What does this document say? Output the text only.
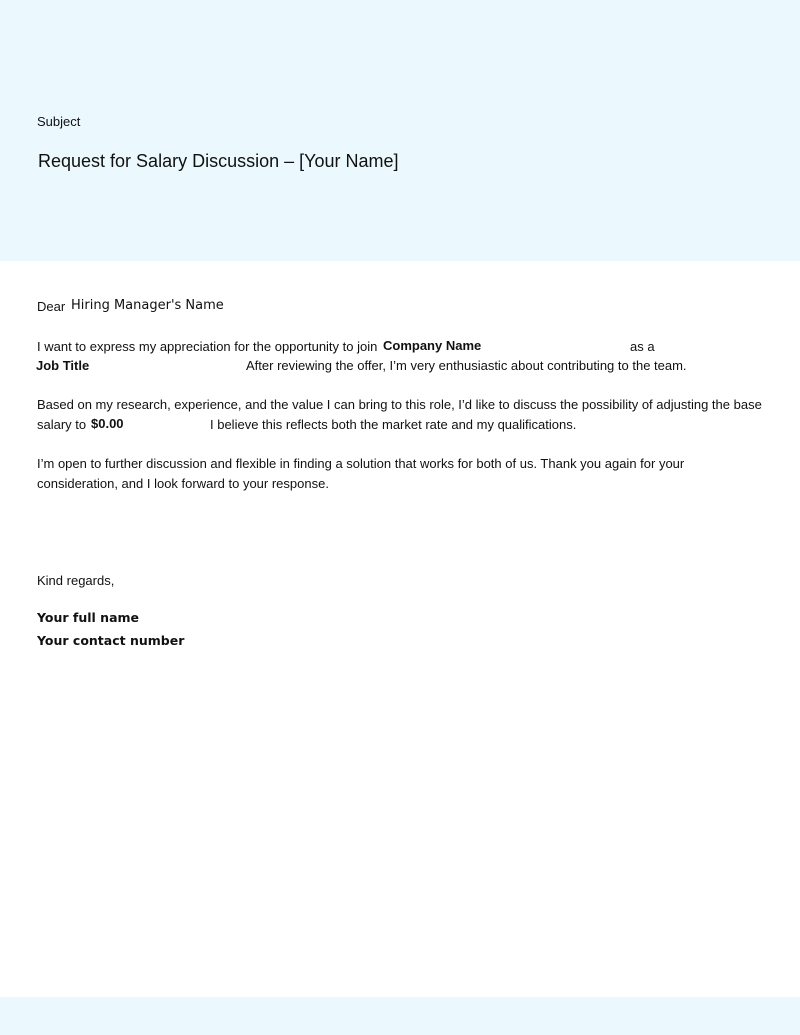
Subject
Request for Salary Discussion – [Your Name]
Dear Hiring Manager's Name
I want to express my appreciation for the opportunity to join Company Name	as a
Job Title	After reviewing the offer, I’m very enthusiastic about contributing to the team.
Based on my research, experience, and the value I can bring to this role, I’d like to discuss the possibility of adjusting the base
salary to $0.00	I believe this reflects both the market rate and my qualifications.
I’m open to further discussion and flexible in finding a solution that works for both of us. Thank you again for your
consideration, and I look forward to your response.
Kind regards,
Your full name
Your contact number
